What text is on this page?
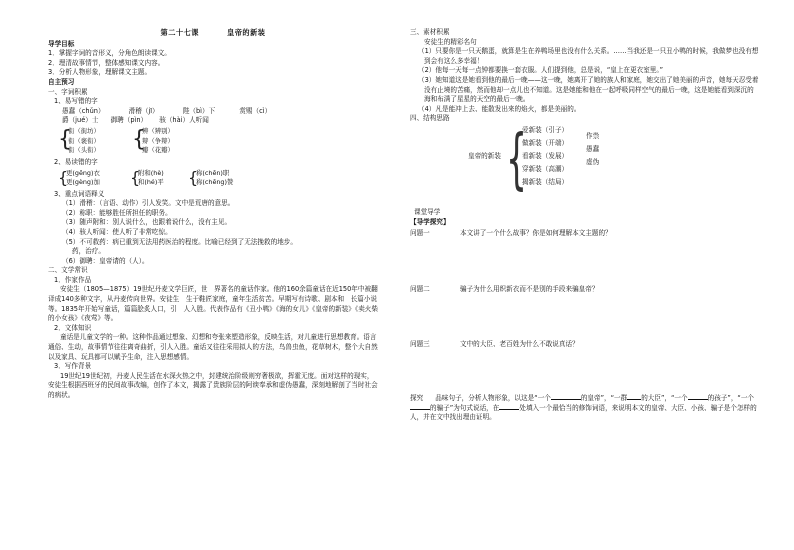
第二十七课	皇帝的新装
导学目标
1．掌握字词的音形义，分角色朗读课文。
2．理清故事情节，整体感知课文内容。
3．分析人物形象，理解课文主题。
自主预习
一、字词积累
1、易写错的字
愚蠢（chǔn）	滑稽（jī）	陛（bì）下	赏赐（cì）
爵（jué）士 御聘（pìn） 骇（hài）人听闻
{
衔（街坊）
衔（褒衔）
衔（头衔） {
辨（辨别）
辩（争辩）
瓣（花瓣）
2、易读错的字
{
更(gēng)衣
更(gèng)加 {
附和(hè)
和(hé)平 {
称(chēn)职
称(chēng)赞
3、重点词语释义
（1）滑稽：（言语、动作）引人发笑。文中是荒唐的意思。
（2）称职：能够胜任所担任的职务。
（3）随声附和：别人说什么，也跟着说什么，没有主见。
（4）骇人听闻：使人听了非常吃惊。
（5）不可救药：病已重到无法用药医治的程度。比喻已经到了无法挽救的地步。
药，治疗。
（6）御聘：皇帝请的（人）。
二、文学常识
1．作家作品
安徒生（1805—1875）19世纪丹麦文学巨匠，世　界著名的童话作家。他的160余篇童话在近150年中被翻译成140多种文字，从丹麦传向世界。安徒生　生于鞋匠家庭，童年生活贫苦。早期写有诗歌、剧本和　长篇小说等。1835年开始写童话，篇篇脍炙人口，引　人入胜。代表作品有《丑小鸭》《海的女儿》《皇帝的新装》《卖火柴的小女孩》《夜莺》等。
2．文体知识
童话是儿童文学的一种。这种作品通过想象、幻想和夸张来塑造形象，反映生活，对儿童进行思想教育。语言通俗、生动，故事情节往往离奇曲折，引人入胜。童话又往往采用拟人的方法，鸟兽虫鱼，花草树木，整个大自然以及家具、玩具都可以赋予生命，注入思想感情。
3．写作背景
19世纪19世纪初，丹麦人民生活在水深火热之中，封建统治阶级则穷奢极欲，挥霍无度。面对这样的现实，安徒生根据西班牙的民间故事改编，创作了本文，揭露了贵族阶层的阿谀奉承和虚伪愚蠢，深刻地解剖了当时社会的病状。
三、素材积累
安徒生的精彩名句
（1）只要你是一只天鹅蛋，就算是生在养鸭场里也没有什么关系。……当我还是一只丑小鸭的时候，我做梦也没有想到会有这么多幸福！
（2）他每一天每一点钟都要换一套衣服。人们提到他，总是说，“皇上在更衣室里。”
（3）她知道这是她看到他的最后一晚——这一晚，她离开了她的族人和家庭，她交出了她美丽的声音，她每天忍受着没有止境的苦痛，然而他却一点儿也不知道。这是她能和他在一起呼吸同样空气的最后一晚，这是她能看到深沉的海和布满了星星的天空的最后一晚。
（4）凡是能冲上去、能散发出来的焰火，都是美丽的。
四、结构思路
皇帝的新装 {
爱新装（引子）
做新装（开端）
看新装（发展）
穿新装（高潮）
揭新装（结局）
作祟
愚蠢
虚伪
课堂导学
【导学探究】
问题一	本文讲了一个什么故事？你是如何理解本文主题的？
问题二	骗子为什么用织新衣而不是别的手段来骗皇帝？
问题三	文中的大臣、老百姓为什么不敢说真话？
探究 品味句子，分析人物形象，以这是“一个	的皇帝”，“一群 的大臣”，“一个	的孩子”，“一个的骗子”为句式说话，在	处填入一个最恰当的修饰词语，来说明本文的皇帝、大臣、小孩、骗子是个怎样的人，并在文中找出理由证明。
